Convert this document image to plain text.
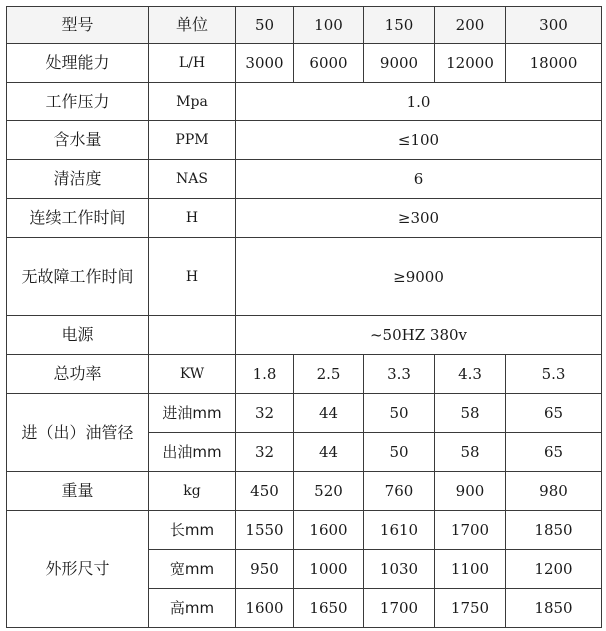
型号	单位	50	100	150	200	300
处理能力	L/H	3000	6000	9000	12000	18000
工作压力	Mpa	1.0				
含水量	PPM	≤100				
清洁度	NAS	6				
连续工作时间	H	≥300				
无故障工作时间	H	≥9000				
电源		~50HZ 380v				
总功率	KW	1.8	2.5	3.3	4.3	5.3
进（出）油管径	进油mm	32	44	50	58	65
	出油mm	32	44	50	58	65
重量	kg	450	520	760	900	980
外形尺寸	长mm	1550	1600	1610	1700	1850
	宽mm	950	1000	1030	1100	1200
	高mm	1600	1650	1700	1750	1850
